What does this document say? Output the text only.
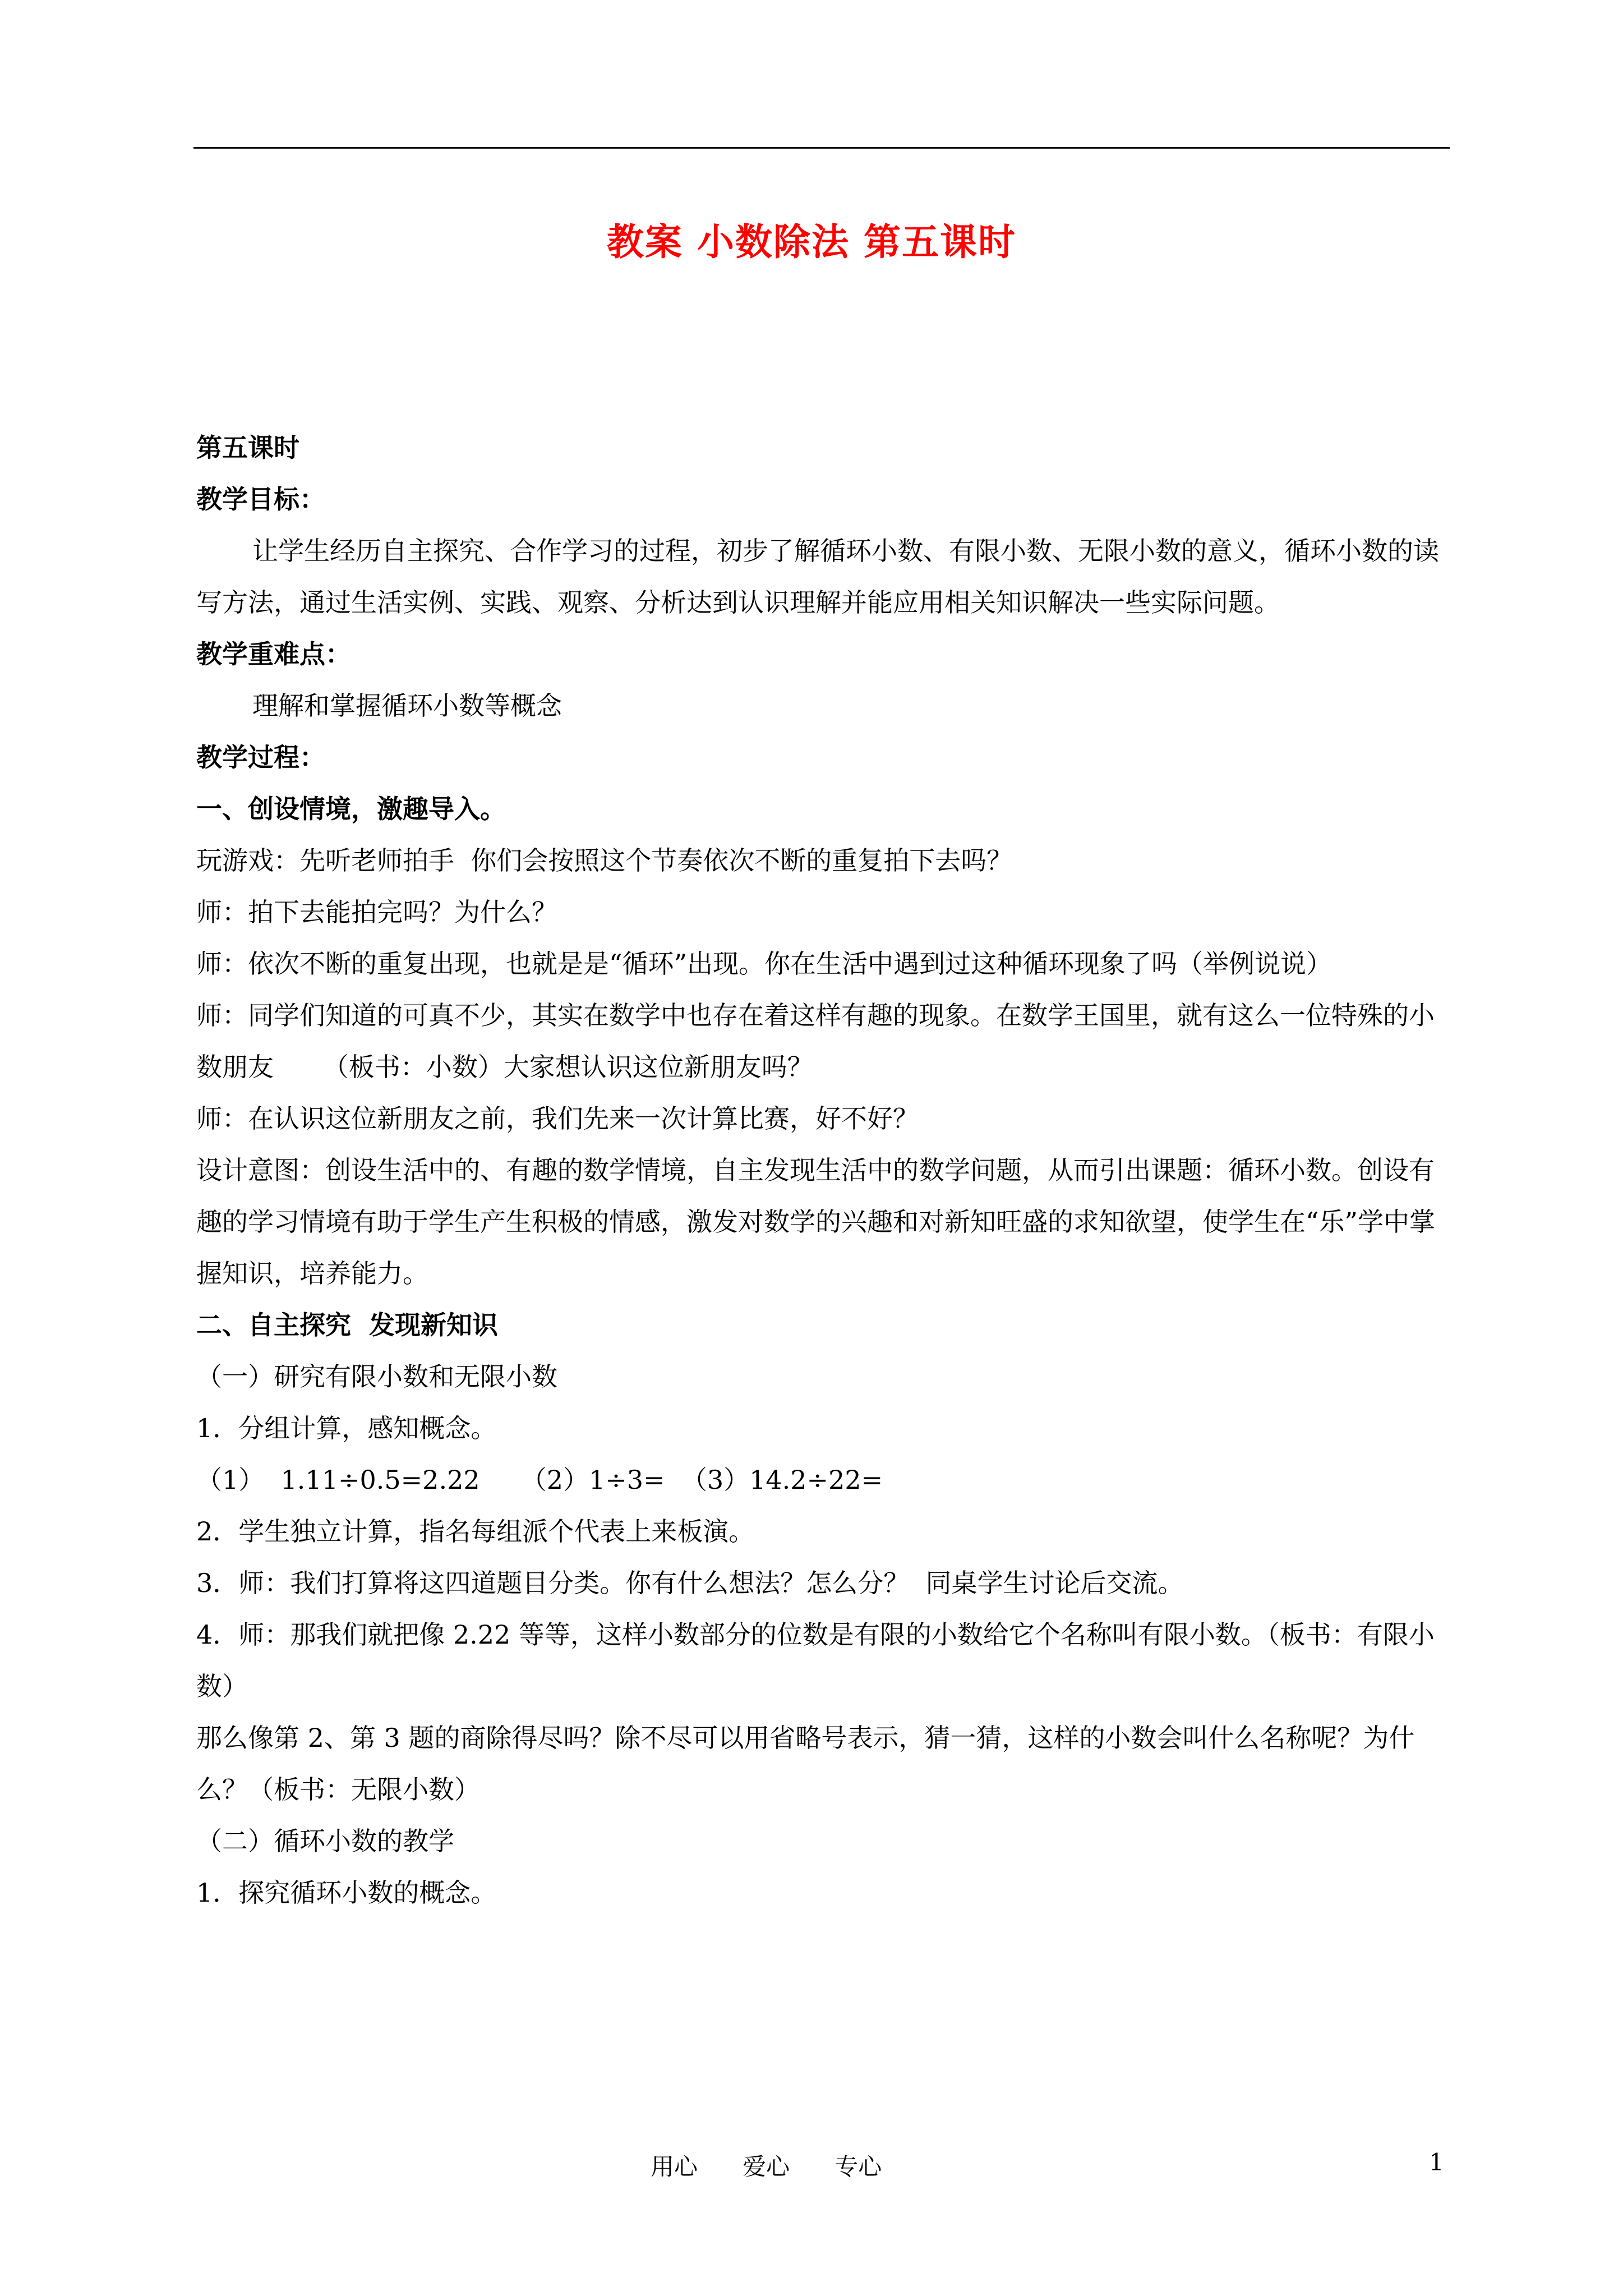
教案 小数除法 第五课时

第五课时

教学目标：

让学生经历自主探究、合作学习的过程，初步了解循环小数、有限小数、无限小数的意义，循环小数的读写方法，通过生活实例、实践、观察、分析达到认识理解并能应用相关知识解决一些实际问题。

教学重难点：

理解和掌握循环小数等概念

教学过程：

一、创设情境，激趣导入。

玩游戏：先听老师拍手  你们会按照这个节奏依次不断的重复拍下去吗？

师：拍下去能拍完吗？为什么？

师：依次不断的重复出现，也就是是“循环”出现。你在生活中遇到过这种循环现象了吗（举例说说）

师：同学们知道的可真不少，其实在数学中也存在着这样有趣的现象。在数学王国里，就有这么一位特殊的小数朋友      （板书：小数）大家想认识这位新朋友吗？

师：在认识这位新朋友之前，我们先来一次计算比赛，好不好？

设计意图：创设生活中的、有趣的数学情境，自主发现生活中的数学问题，从而引出课题：循环小数。创设有趣的学习情境有助于学生产生积极的情感，激发对数学的兴趣和对新知旺盛的求知欲望，使学生在“乐”学中掌握知识，培养能力。

二、自主探究  发现新知识

（一）研究有限小数和无限小数

1．分组计算，感知概念。

（1）  1.11÷0.5=2.22     （2）1÷3=  （3）14.2÷22=

2．学生独立计算，指名每组派个代表上来板演。

3．师：我们打算将这四道题目分类。你有什么想法？怎么分？  同桌学生讨论后交流。

4．师：那我们就把像 2.22 等等，这样小数部分的位数是有限的小数给它个名称叫有限小数。（板书：有限小数）

那么像第 2、第 3 题的商除得尽吗？除不尽可以用省略号表示，猜一猜，这样的小数会叫什么名称呢？为什么？（板书：无限小数）

（二）循环小数的教学

1．探究循环小数的概念。

用心      爱心      专心	1
